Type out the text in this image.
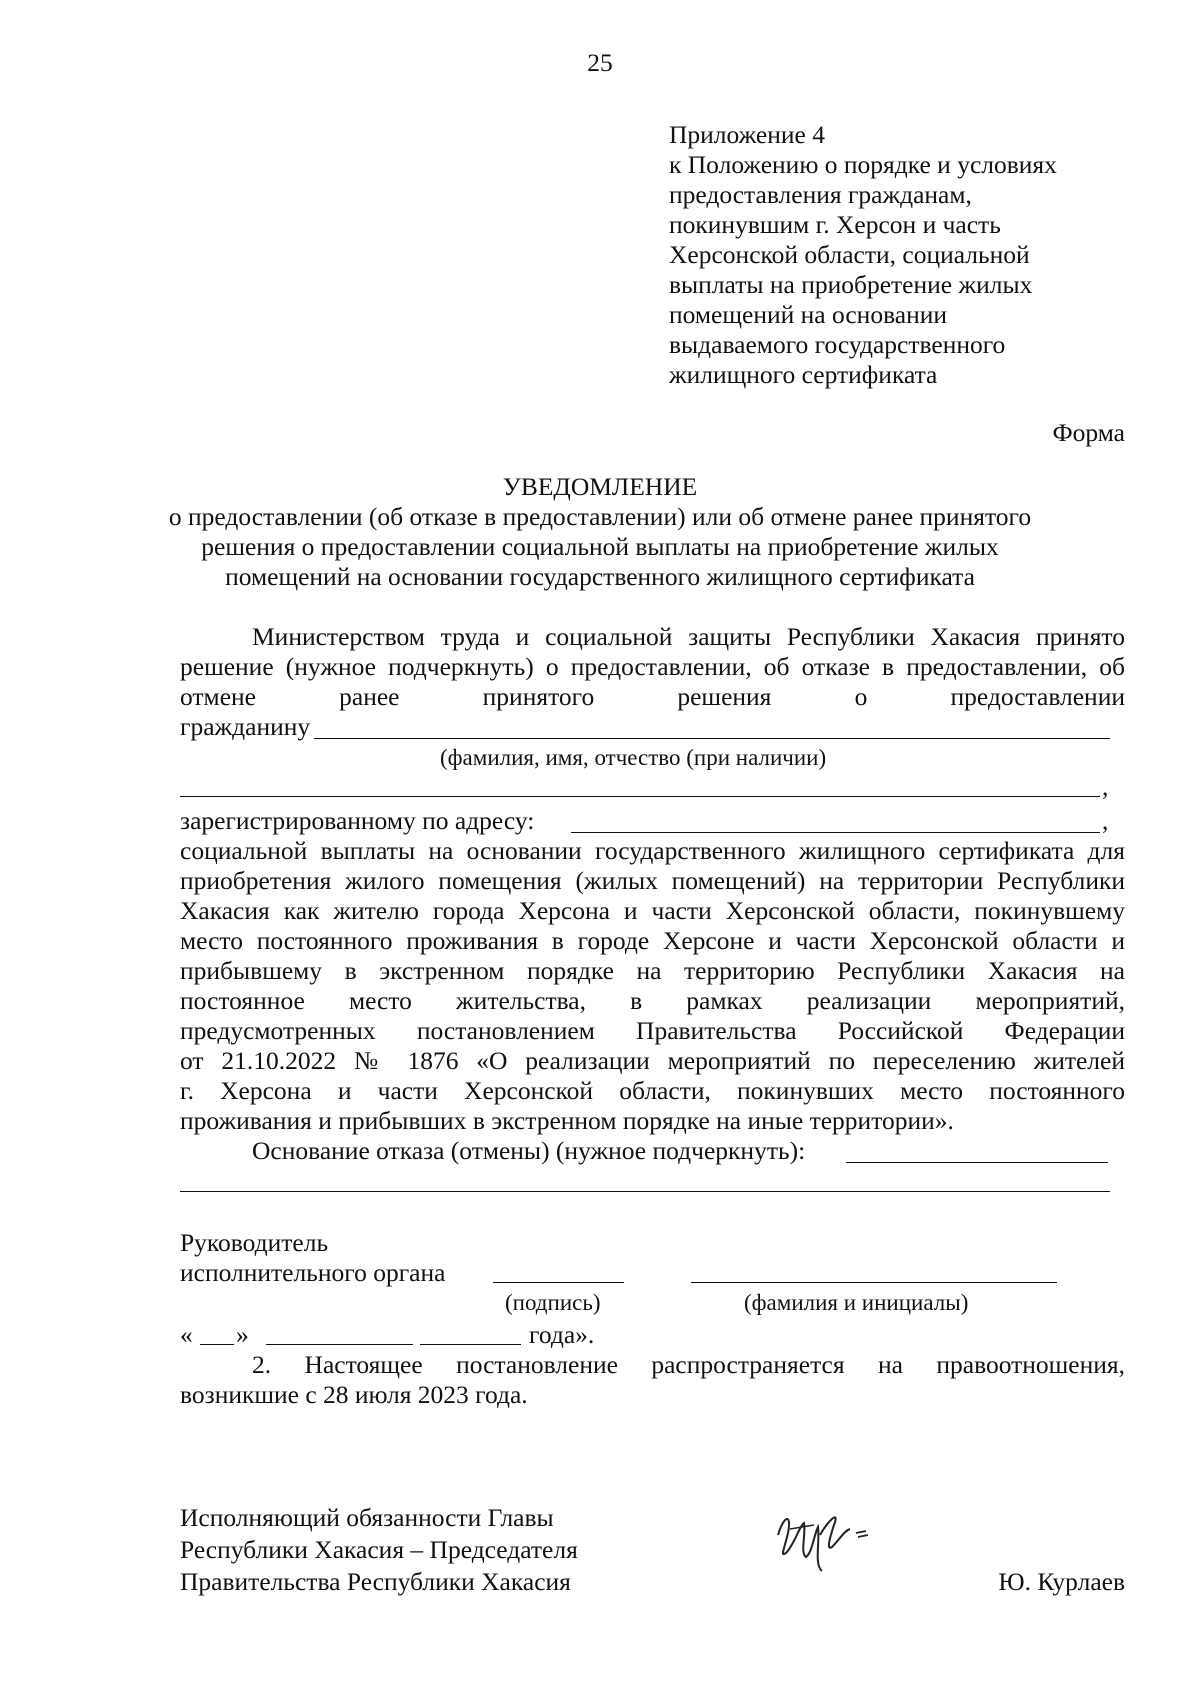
25
Приложение 4
к Положению о порядке и условиях
предоставления гражданам,
покинувшим г. Херсон и часть
Херсонской области, социальной
выплаты на приобретение жилых
помещений на основании
выдаваемого государственного
жилищного сертификата
Форма
УВЕДОМЛЕНИЕ
о предоставлении (об отказе в предоставлении) или об отмене ранее принятого
решения о предоставлении социальной выплаты на приобретение жилых
помещений на основании государственного жилищного сертификата
Министерством труда и социальной защиты Республики Хакасия принято
решение (нужное подчеркнуть) о предоставлении, об отказе в предоставлении, об
отмене ранее принятого решения о предоставлении
гражданину
(фамилия, имя, отчество (при наличии)
,
зарегистрированному по адресу:	,
социальной выплаты на основании государственного жилищного сертификата для
приобретения жилого помещения (жилых помещений) на территории Республики
Хакасия как жителю города Херсона и части Херсонской области, покинувшему
место постоянного проживания в городе Херсоне и части Херсонской области и
прибывшему в экстренном порядке на территорию Республики Хакасия на
постоянное место жительства, в рамках реализации мероприятий,
предусмотренных постановлением Правительства Российской Федерации
от 21.10.2022 № 1876 «О реализации мероприятий по переселению жителей
г. Херсона и части Херсонской области, покинувших место постоянного
проживания и прибывших в экстренном порядке на иные территории».
Основание отказа (отмены) (нужное подчеркнуть):
Руководитель
исполнительного органа
(подпись)	(фамилия и инициалы)
« »	года».
2. Настоящее постановление распространяется на правоотношения,
возникшие с 28 июля 2023 года.
Исполняющий обязанности Главы
Республики Хакасия – Председателя
Правительства Республики Хакасия	Ю. Курлаев
